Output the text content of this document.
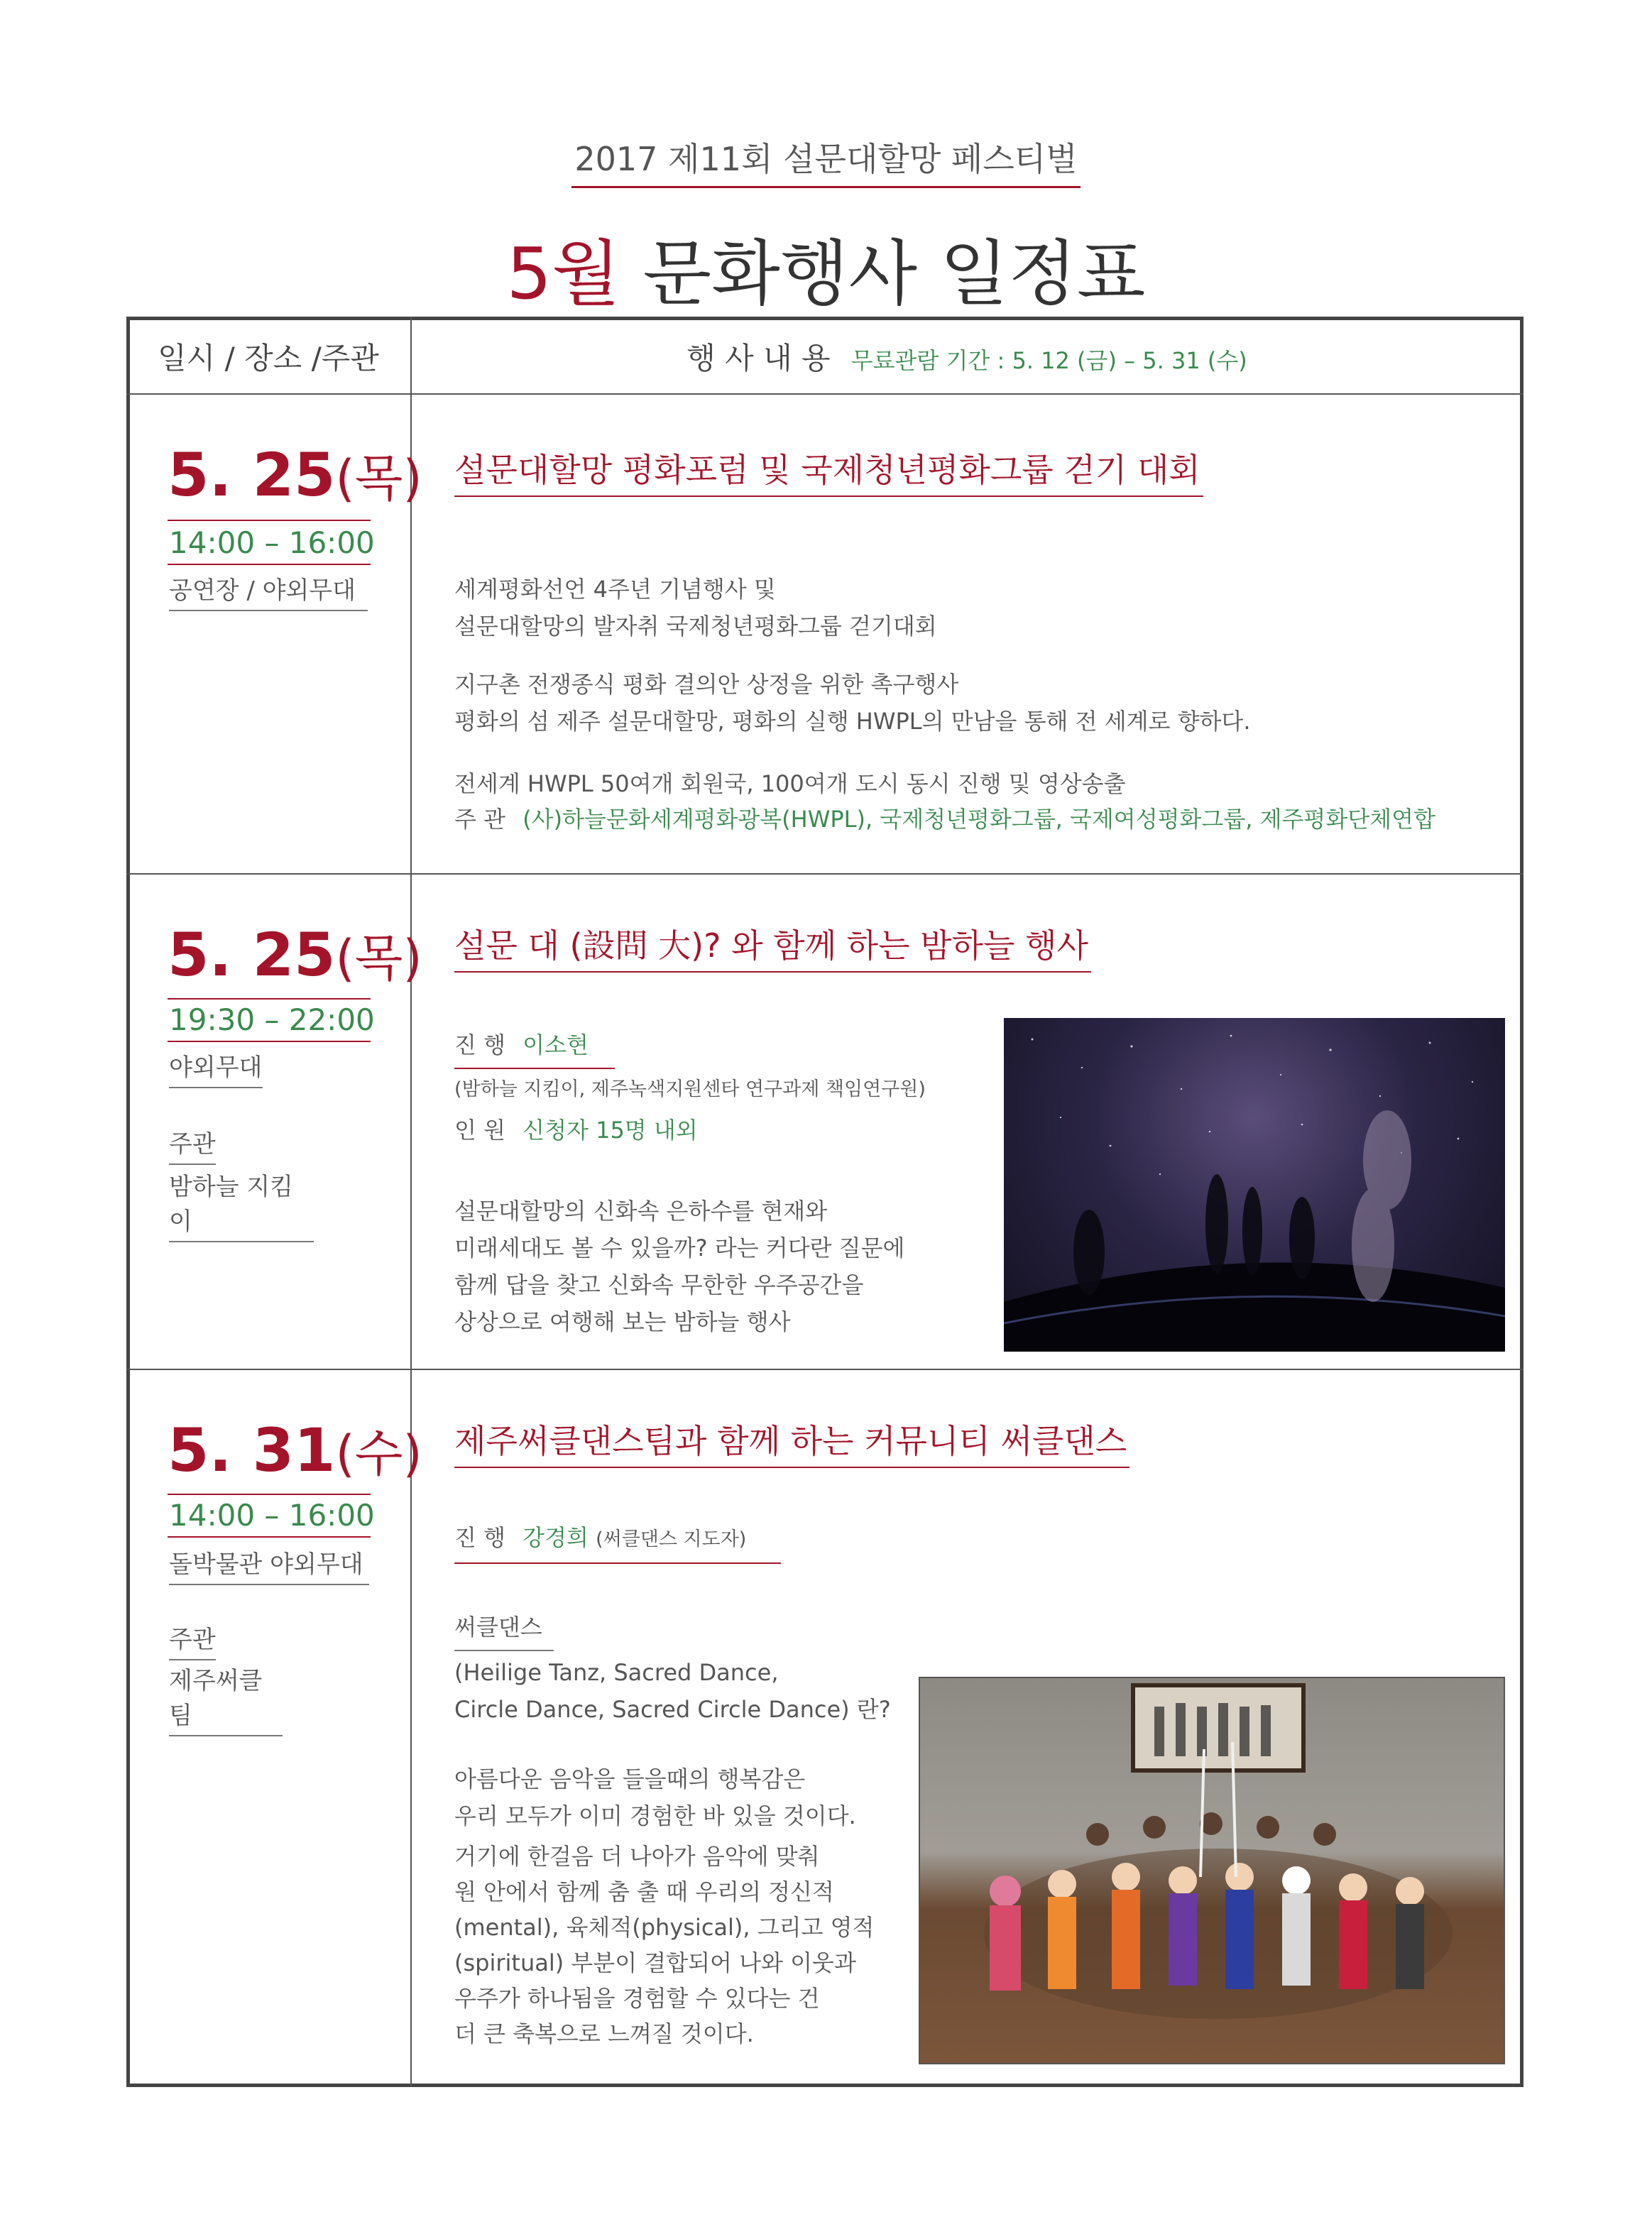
2017 제11회 설문대할망 페스티벌
5월 문화행사 일정표
일시 / 장소 /주관	행 사 내 용 무료관람 기간 : 5. 12 (금) – 5. 31 (수)
5. 25(목)
14:00 – 16:00
공연장 / 야외무대
설문대할망 평화포럼 및 국제청년평화그룹 걷기 대회
세계평화선언 4주년 기념행사 및
설문대할망의 발자취 국제청년평화그룹 걷기대회
지구촌 전쟁종식 평화 결의안 상정을 위한 촉구행사
평화의 섬 제주 설문대할망, 평화의 실행 HWPL의 만남을 통해 전 세계로 향하다.
전세계 HWPL 50여개 회원국, 100여개 도시 동시 진행 및 영상송출
주 관 (사)하늘문화세계평화광복(HWPL), 국제청년평화그룹, 국제여성평화그룹, 제주평화단체연합
5. 25(목)
19:30 – 22:00
야외무대
주관
밤하늘 지킴이
설문 대 (設問 大)? 와 함께 하는 밤하늘 행사
진 행 이소현
(밤하늘 지킴이, 제주녹색지원센타 연구과제 책임연구원)
인 원 신청자 15명 내외
설문대할망의 신화속 은하수를 현재와
미래세대도 볼 수 있을까? 라는 커다란 질문에
함께 답을 찾고 신화속 무한한 우주공간을
상상으로 여행해 보는 밤하늘 행사
5. 31(수)
14:00 – 16:00
돌박물관 야외무대
주관
제주써클팀
제주써클댄스팀과 함께 하는 커뮤니티 써클댄스
진 행 강경희 (써클댄스 지도자)
써클댄스
(Heilige Tanz, Sacred Dance,
Circle Dance, Sacred Circle Dance) 란?
아름다운 음악을 들을때의 행복감은
우리 모두가 이미 경험한 바 있을 것이다.
거기에 한걸음 더 나아가 음악에 맞춰
원 안에서 함께 춤 출 때 우리의 정신적
(mental), 육체적(physical), 그리고 영적
(spiritual) 부분이 결합되어 나와 이웃과
우주가 하나됨을 경험할 수 있다는 건
더 큰 축복으로 느껴질 것이다.
